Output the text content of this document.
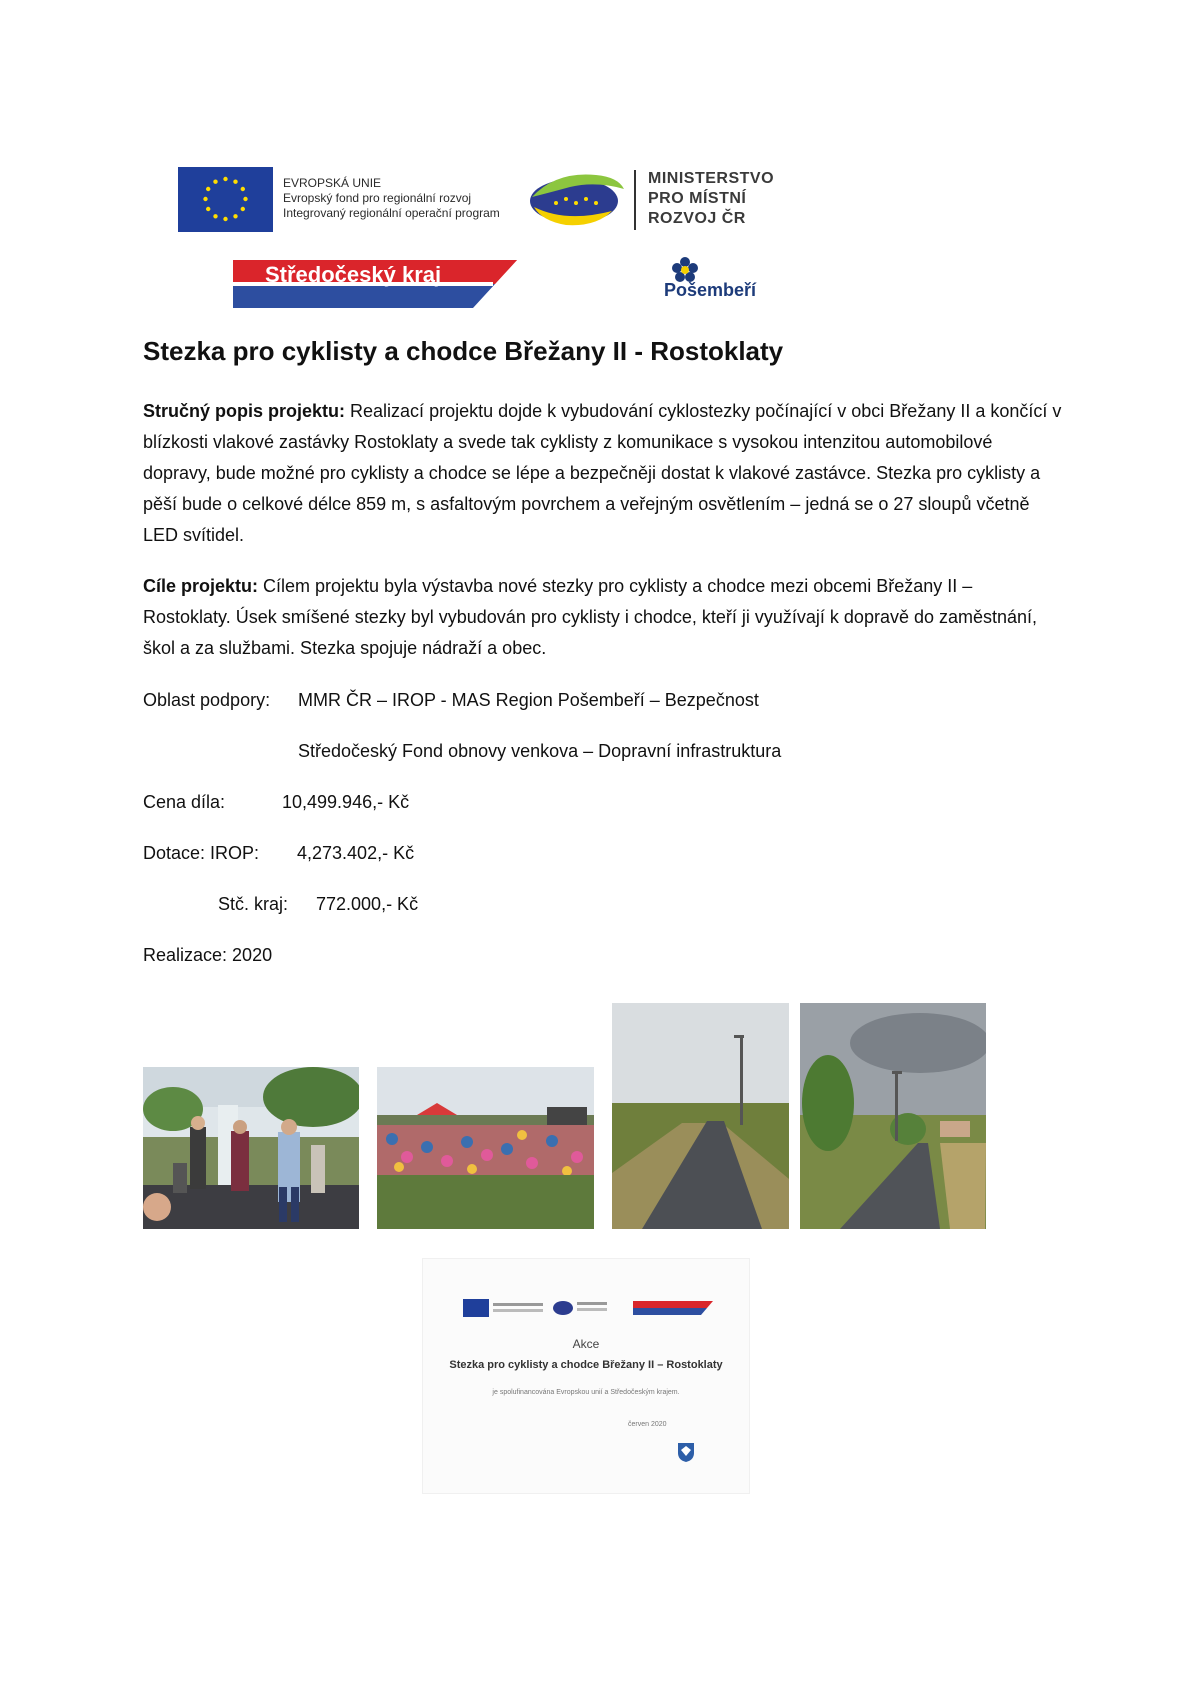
EVROPSKÁ UNIE
Evropský fond pro regionální rozvoj
Integrovaný regionální operační program
MINISTERSTVO
PRO MÍSTNÍ
ROZVOJ ČR
Středočeský kraj
Pošembeří
Stezka pro cyklisty a chodce Břežany II - Rostoklaty
Stručný popis projektu: Realizací projektu dojde k vybudování cyklostezky počínající v obci Břežany II a končící v blízkosti vlakové zastávky Rostoklaty a svede tak cyklisty z komunikace s vysokou intenzitou automobilové dopravy, bude možné pro cyklisty a chodce se lépe a bezpečněji dostat k vlakové zastávce. Stezka pro cyklisty a pěší bude o celkové délce 859 m, s asfaltovým povrchem a veřejným osvětlením – jedná se o 27 sloupů včetně LED svítidel.
Cíle projektu: Cílem projektu byla výstavba nové stezky pro cyklisty a chodce mezi obcemi Břežany II – Rostoklaty. Úsek smíšené stezky byl vybudován pro cyklisty i chodce, kteří ji využívají k dopravě do zaměstnání, škol a za službami. Stezka spojuje nádraží a obec.
Oblast podpory: MMR ČR – IROP - MAS Region Pošembeří – Bezpečnost
Středočeský Fond obnovy venkova – Dopravní infrastruktura
Cena díla:	10,499.946,- Kč
Dotace: IROP: 4,273.402,- Kč
Stč. kraj: 772.000,- Kč
Realizace: 2020
Akce
Stezka pro cyklisty a chodce Břežany II – Rostoklaty
je spolufinancována Evropskou unií a Středočeským krajem.
červen 2020
